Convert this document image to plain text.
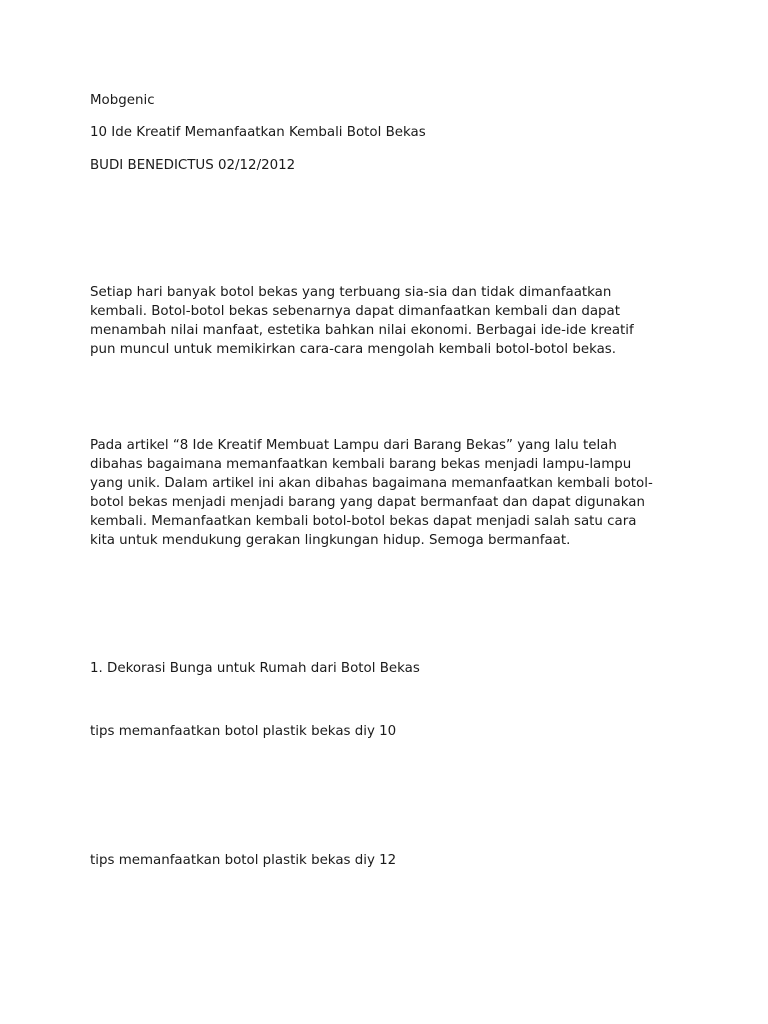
Mobgenic

10 Ide Kreatif Memanfaatkan Kembali Botol Bekas

BUDI BENEDICTUS 02/12/2012

Setiap hari banyak botol bekas yang terbuang sia-sia dan tidak dimanfaatkan
kembali. Botol-botol bekas sebenarnya dapat dimanfaatkan kembali dan dapat
menambah nilai manfaat, estetika bahkan nilai ekonomi. Berbagai ide-ide kreatif
pun muncul untuk memikirkan cara-cara mengolah kembali botol-botol bekas.
Pada artikel “8 Ide Kreatif Membuat Lampu dari Barang Bekas” yang lalu telah
dibahas bagaimana memanfaatkan kembali barang bekas menjadi lampu-lampu
yang unik. Dalam artikel ini akan dibahas bagaimana memanfaatkan kembali botol-
botol bekas menjadi menjadi barang yang dapat bermanfaat dan dapat digunakan
kembali. Memanfaatkan kembali botol-botol bekas dapat menjadi salah satu cara
kita untuk mendukung gerakan lingkungan hidup. Semoga bermanfaat.

1. Dekorasi Bunga untuk Rumah dari Botol Bekas

tips memanfaatkan botol plastik bekas diy 10

tips memanfaatkan botol plastik bekas diy 12
